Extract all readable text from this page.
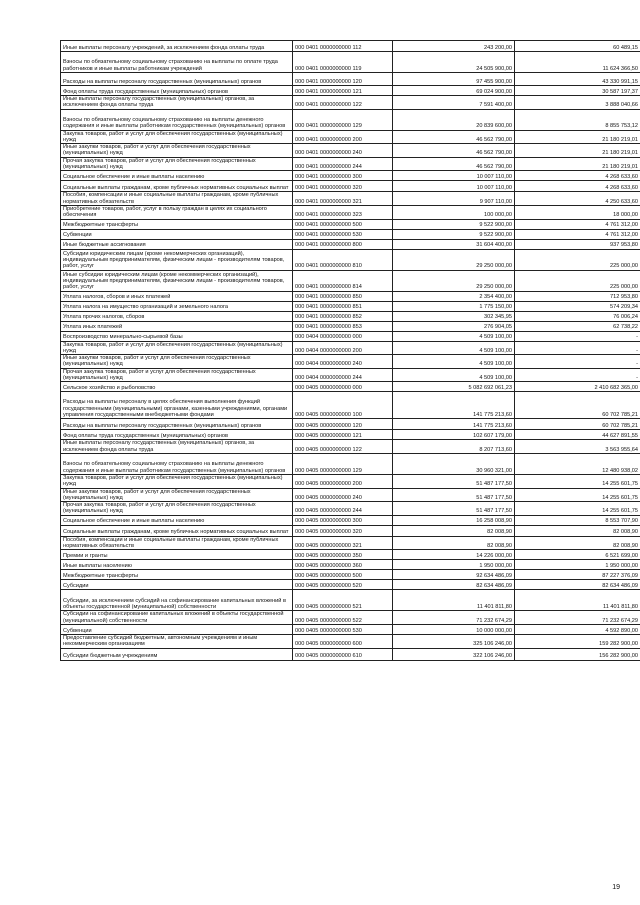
Иные выплаты персоналу учреждений, за исключением фонда оплаты труда	000 0401 0000000000 112	243 200,00	60 489,15
Взносы по обязательному социальному страхованию на выплаты по оплате труда работников и иные выплаты работникам учреждений	000 0401 0000000000 119	24 505 900,00	11 624 366,50
Расходы на выплаты персоналу государственных (муниципальных) органов	000 0401 0000000000 120	97 455 900,00	43 330 991,15
Фонд оплаты труда государственных (муниципальных) органов	000 0401 0000000000 121	69 024 900,00	30 587 197,37
Иные выплаты персоналу государственных (муниципальных) органов, за исключением фонда оплаты труда	000 0401 0000000000 122	7 591 400,00	3 888 040,66
Взносы по обязательному социальному страхованию на выплаты денежного содержания и иные выплаты работникам государственных (муниципальных) органов	000 0401 0000000000 129	20 839 600,00	8 855 753,12
Закупка товаров, работ и услуг для обеспечения государственных (муниципальных) нужд	000 0401 0000000000 200	46 562 790,00	21 180 219,01
Иные закупки товаров, работ и услуг для обеспечения государственных (муниципальных) нужд	000 0401 0000000000 240	46 562 790,00	21 180 219,01
Прочая закупка товаров, работ и услуг для обеспечения государственных (муниципальных) нужд	000 0401 0000000000 244	46 562 790,00	21 180 219,01
Социальное обеспечение и иные выплаты населению	000 0401 0000000000 300	10 007 110,00	4 268 633,60
Социальные выплаты гражданам, кроме публичных нормативных социальных выплат	000 0401 0000000000 320	10 007 110,00	4 268 633,60
Пособия, компенсации и иные социальные выплаты гражданам, кроме публичных нормативных обязательств	000 0401 0000000000 321	9 907 110,00	4 250 633,60
Приобретение товаров, работ, услуг в пользу граждан в целях их социального обеспечения	000 0401 0000000000 323	100 000,00	18 000,00
Межбюджетные трансферты	000 0401 0000000000 500	9 522 900,00	4 761 312,00
Субвенции	000 0401 0000000000 530	9 522 900,00	4 761 312,00
Иные бюджетные ассигнования	000 0401 0000000000 800	31 604 400,00	937 953,80
Субсидии юридическим лицам (кроме некоммерческих организаций), индивидуальным предпринимателям, физическим лицам - производителям товаров, работ, услуг	000 0401 0000000000 810	29 250 000,00	225 000,00
Иные субсидии юридическим лицам (кроме некоммерческих организаций), индивидуальным предпринимателям, физическим лицам - производителям товаров, работ, услуг	000 0401 0000000000 814	29 250 000,00	225 000,00
Уплата налогов, сборов и иных платежей	000 0401 0000000000 850	2 354 400,00	712 953,80
Уплата налога на имущество организаций и земельного налога	000 0401 0000000000 851	1 775 150,00	574 209,34
Уплата прочих налогов, сборов	000 0401 0000000000 852	302 345,95	76 006,24
Уплата иных платежей	000 0401 0000000000 853	276 904,05	62 738,22
Воспроизводство минерально-сырьевой базы	000 0404 0000000000 000	4 509 100,00	-
Закупка товаров, работ и услуг для обеспечения государственных (муниципальных) нужд	000 0404 0000000000 200	4 509 100,00	-
Иные закупки товаров, работ и услуг для обеспечения государственных (муниципальных) нужд	000 0404 0000000000 240	4 509 100,00	-
Прочая закупка товаров, работ и услуг для обеспечения государственных (муниципальных) нужд	000 0404 0000000000 244	4 509 100,00	-
Сельское хозяйство и рыболовство	000 0405 0000000000 000	5 082 692 061,23	2 410 682 365,00
Расходы на выплаты персоналу в целях обеспечения выполнения функций государственными (муниципальными) органами, казенными учреждениями, органами управления государственными внебюджетными фондами	000 0405 0000000000 100	141 775 213,60	60 702 785,21
Расходы на выплаты персоналу государственных (муниципальных) органов	000 0405 0000000000 120	141 775 213,60	60 702 785,21
Фонд оплаты труда государственных (муниципальных) органов	000 0405 0000000000 121	102 607 179,00	44 627 891,55
Иные выплаты персоналу государственных (муниципальных) органов, за исключением фонда оплаты труда	000 0405 0000000000 122	8 207 713,60	3 563 955,64
Взносы по обязательному социальному страхованию на выплаты денежного содержания и иные выплаты работникам государственных (муниципальных) органов	000 0405 0000000000 129	30 960 321,00	12 480 938,02
Закупка товаров, работ и услуг для обеспечения государственных (муниципальных) нужд	000 0405 0000000000 200	51 487 177,50	14 255 601,75
Иные закупки товаров, работ и услуг для обеспечения государственных (муниципальных) нужд	000 0405 0000000000 240	51 487 177,50	14 255 601,75
Прочая закупка товаров, работ и услуг для обеспечения государственных (муниципальных) нужд	000 0405 0000000000 244	51 487 177,50	14 255 601,75
Социальное обеспечение и иные выплаты населению	000 0405 0000000000 300	16 258 008,90	8 553 707,90
Социальные выплаты гражданам, кроме публичных нормативных социальных выплат	000 0405 0000000000 320	82 008,90	82 008,90
Пособия, компенсации и иные социальные выплаты гражданам, кроме публичных нормативных обязательств	000 0405 0000000000 321	82 008,90	82 008,90
Премии и гранты	000 0405 0000000000 350	14 226 000,00	6 521 699,00
Иные выплаты населению	000 0405 0000000000 360	1 950 000,00	1 950 000,00
Межбюджетные трансферты	000 0405 0000000000 500	92 634 486,09	87 227 376,09
Субсидии	000 0405 0000000000 520	82 634 486,09	82 634 486,09
Субсидии, за исключением субсидий на софинансирование капитальных вложений в объекты государственной (муниципальной) собственности	000 0405 0000000000 521	11 401 811,80	11 401 811,80
Субсидии на софинансирование капитальных вложений в объекты государственной (муниципальной) собственности	000 0405 0000000000 522	71 232 674,29	71 232 674,29
Субвенции	000 0405 0000000000 530	10 000 000,00	4 592 890,00
Предоставление субсидий бюджетным, автономным учреждениям и иным некоммерческим организациям	000 0405 0000000000 600	325 106 246,00	159 282 900,00
Субсидии бюджетным учреждениям	000 0405 0000000000 610	322 106 246,00	156 282 900,00
19
